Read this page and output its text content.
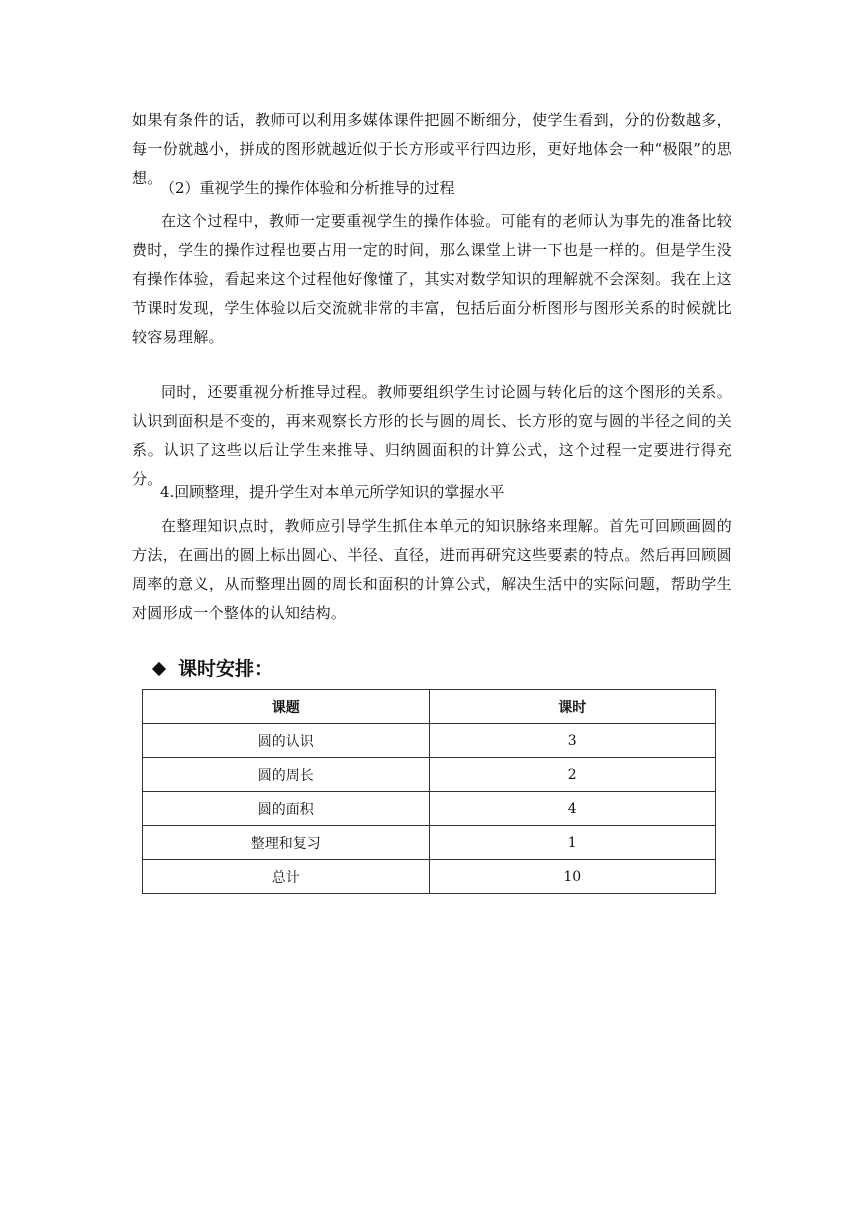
如果有条件的话，教师可以利用多媒体课件把圆不断细分，使学生看到，分的份数越多，每一份就越小，拼成的图形就越近似于长方形或平行四边形，更好地体会一种“极限”的思想。

（2）重视学生的操作体验和分析推导的过程

在这个过程中，教师一定要重视学生的操作体验。可能有的老师认为事先的准备比较费时，学生的操作过程也要占用一定的时间，那么课堂上讲一下也是一样的。但是学生没有操作体验，看起来这个过程他好像懂了，其实对数学知识的理解就不会深刻。我在上这节课时发现，学生体验以后交流就非常的丰富，包括后面分析图形与图形关系的时候就比较容易理解。

同时，还要重视分析推导过程。教师要组织学生讨论圆与转化后的这个图形的关系。认识到面积是不变的，再来观察长方形的长与圆的周长、长方形的宽与圆的半径之间的关系。认识了这些以后让学生来推导、归纳圆面积的计算公式，这个过程一定要进行得充分。

4.回顾整理，提升学生对本单元所学知识的掌握水平

在整理知识点时，教师应引导学生抓住本单元的知识脉络来理解。首先可回顾画圆的方法，在画出的圆上标出圆心、半径、直径，进而再研究这些要素的特点。然后再回顾圆周率的意义，从而整理出圆的周长和面积的计算公式，解决生活中的实际问题，帮助学生对圆形成一个整体的认知结构。

课时安排：
课题	课时
圆的认识	3
圆的周长	2
圆的面积	4
整理和复习	1
总计	10
